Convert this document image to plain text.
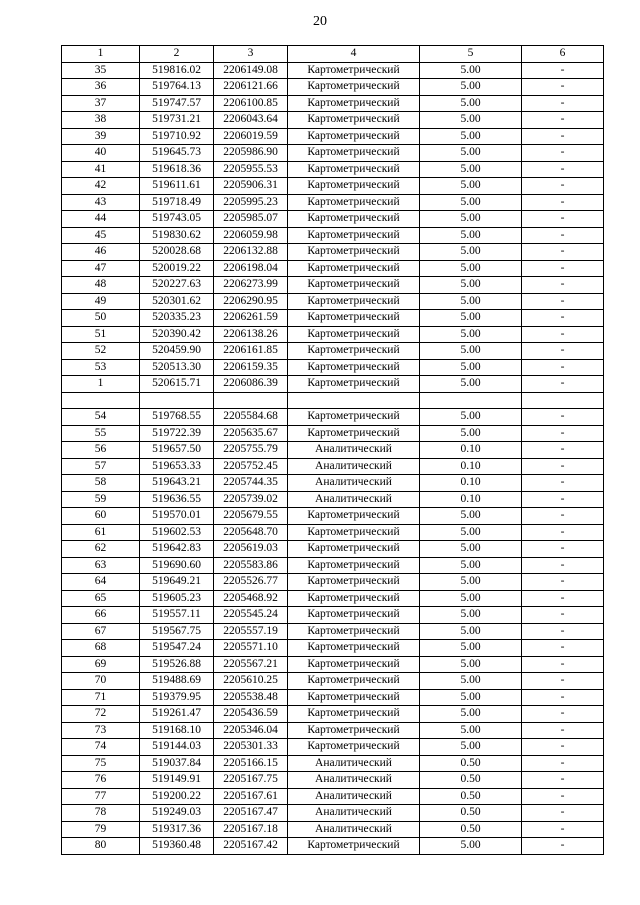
20
1	2	3	4	5	6
35	519816.02	2206149.08	Картометрический	5.00	-
36	519764.13	2206121.66	Картометрический	5.00	-
37	519747.57	2206100.85	Картометрический	5.00	-
38	519731.21	2206043.64	Картометрический	5.00	-
39	519710.92	2206019.59	Картометрический	5.00	-
40	519645.73	2205986.90	Картометрический	5.00	-
41	519618.36	2205955.53	Картометрический	5.00	-
42	519611.61	2205906.31	Картометрический	5.00	-
43	519718.49	2205995.23	Картометрический	5.00	-
44	519743.05	2205985.07	Картометрический	5.00	-
45	519830.62	2206059.98	Картометрический	5.00	-
46	520028.68	2206132.88	Картометрический	5.00	-
47	520019.22	2206198.04	Картометрический	5.00	-
48	520227.63	2206273.99	Картометрический	5.00	-
49	520301.62	2206290.95	Картометрический	5.00	-
50	520335.23	2206261.59	Картометрический	5.00	-
51	520390.42	2206138.26	Картометрический	5.00	-
52	520459.90	2206161.85	Картометрический	5.00	-
53	520513.30	2206159.35	Картометрический	5.00	-
1	520615.71	2206086.39	Картометрический	5.00	-

54	519768.55	2205584.68	Картометрический	5.00	-
55	519722.39	2205635.67	Картометрический	5.00	-
56	519657.50	2205755.79	Аналитический	0.10	-
57	519653.33	2205752.45	Аналитический	0.10	-
58	519643.21	2205744.35	Аналитический	0.10	-
59	519636.55	2205739.02	Аналитический	0.10	-
60	519570.01	2205679.55	Картометрический	5.00	-
61	519602.53	2205648.70	Картометрический	5.00	-
62	519642.83	2205619.03	Картометрический	5.00	-
63	519690.60	2205583.86	Картометрический	5.00	-
64	519649.21	2205526.77	Картометрический	5.00	-
65	519605.23	2205468.92	Картометрический	5.00	-
66	519557.11	2205545.24	Картометрический	5.00	-
67	519567.75	2205557.19	Картометрический	5.00	-
68	519547.24	2205571.10	Картометрический	5.00	-
69	519526.88	2205567.21	Картометрический	5.00	-
70	519488.69	2205610.25	Картометрический	5.00	-
71	519379.95	2205538.48	Картометрический	5.00	-
72	519261.47	2205436.59	Картометрический	5.00	-
73	519168.10	2205346.04	Картометрический	5.00	-
74	519144.03	2205301.33	Картометрический	5.00	-
75	519037.84	2205166.15	Аналитический	0.50	-
76	519149.91	2205167.75	Аналитический	0.50	-
77	519200.22	2205167.61	Аналитический	0.50	-
78	519249.03	2205167.47	Аналитический	0.50	-
79	519317.36	2205167.18	Аналитический	0.50	-
80	519360.48	2205167.42	Картометрический	5.00	-
